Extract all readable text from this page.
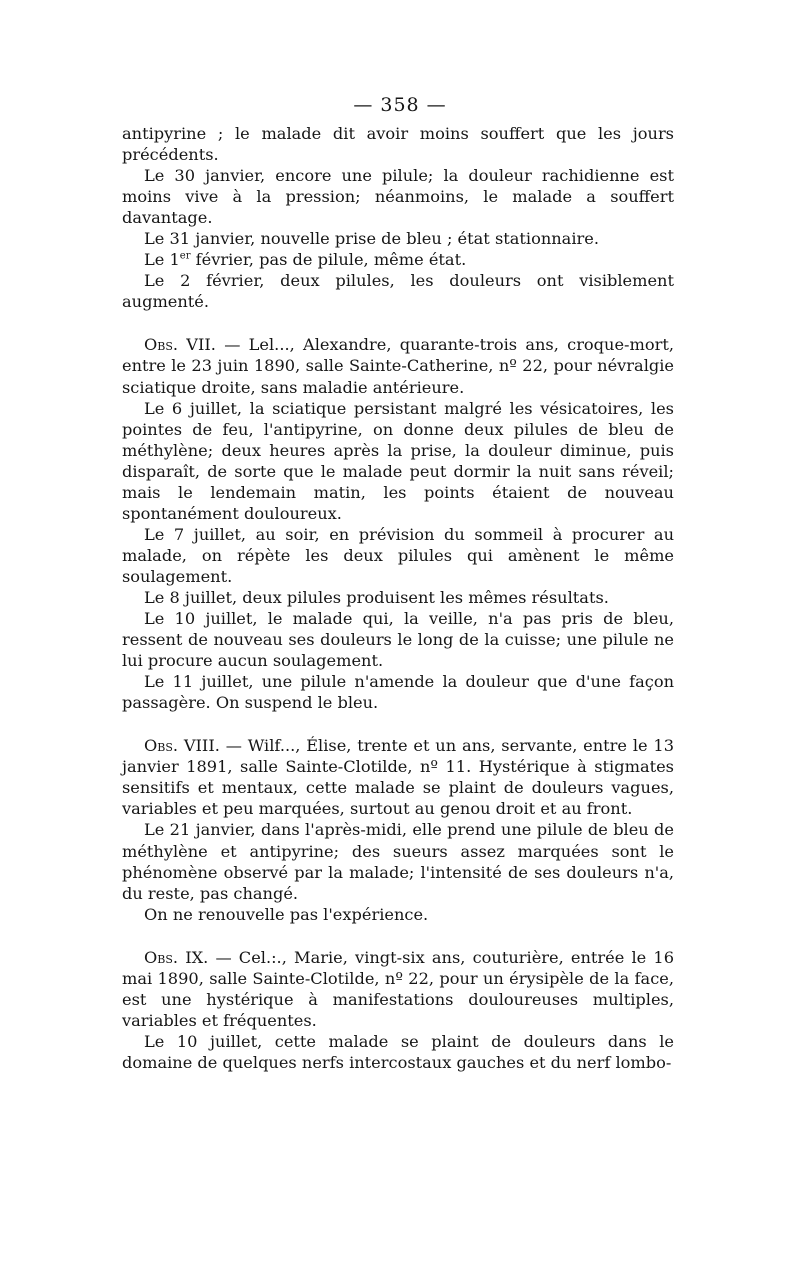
— 358 —

antipyrine ; le malade dit avoir moins souffert que les jours précédents.

Le 30 janvier, encore une pilule; la douleur rachidienne est moins vive à la pression; néanmoins, le malade a souffert davantage.

Le 31 janvier, nouvelle prise de bleu ; état stationnaire.

Le 1er février, pas de pilule, même état.

Le 2 février, deux pilules, les douleurs ont visiblement augmenté.

Obs. VII. — Lel..., Alexandre, quarante-trois ans, croque-mort, entre le 23 juin 1890, salle Sainte-Catherine, nº 22, pour névralgie sciatique droite, sans maladie antérieure.

Le 6 juillet, la sciatique persistant malgré les vésicatoires, les pointes de feu, l'antipyrine, on donne deux pilules de bleu de méthylène; deux heures après la prise, la douleur diminue, puis disparaît, de sorte que le malade peut dormir la nuit sans réveil; mais le lendemain matin, les points étaient de nouveau spontanément douloureux.

Le 7 juillet, au soir, en prévision du sommeil à procurer au malade, on répète les deux pilules qui amènent le même soulagement.

Le 8 juillet, deux pilules produisent les mêmes résultats.

Le 10 juillet, le malade qui, la veille, n'a pas pris de bleu, ressent de nouveau ses douleurs le long de la cuisse; une pilule ne lui procure aucun soulagement.

Le 11 juillet, une pilule n'amende la douleur que d'une façon passagère. On suspend le bleu.

Obs. VIII. — Wilf..., Élise, trente et un ans, servante, entre le 13 janvier 1891, salle Sainte-Clotilde, nº 11. Hystérique à stigmates sensitifs et mentaux, cette malade se plaint de douleurs vagues, variables et peu marquées, surtout au genou droit et au front.

Le 21 janvier, dans l'après-midi, elle prend une pilule de bleu de méthylène et antipyrine; des sueurs assez marquées sont le phénomène observé par la malade; l'intensité de ses douleurs n'a, du reste, pas changé.

On ne renouvelle pas l'expérience.

Obs. IX. — Cel.:., Marie, vingt-six ans, couturière, entrée le 16 mai 1890, salle Sainte-Clotilde, nº 22, pour un érysipèle de la face, est une hystérique à manifestations douloureuses multiples, variables et fréquentes.

Le 10 juillet, cette malade se plaint de douleurs dans le domaine de quelques nerfs intercostaux gauches et du nerf lombo-
